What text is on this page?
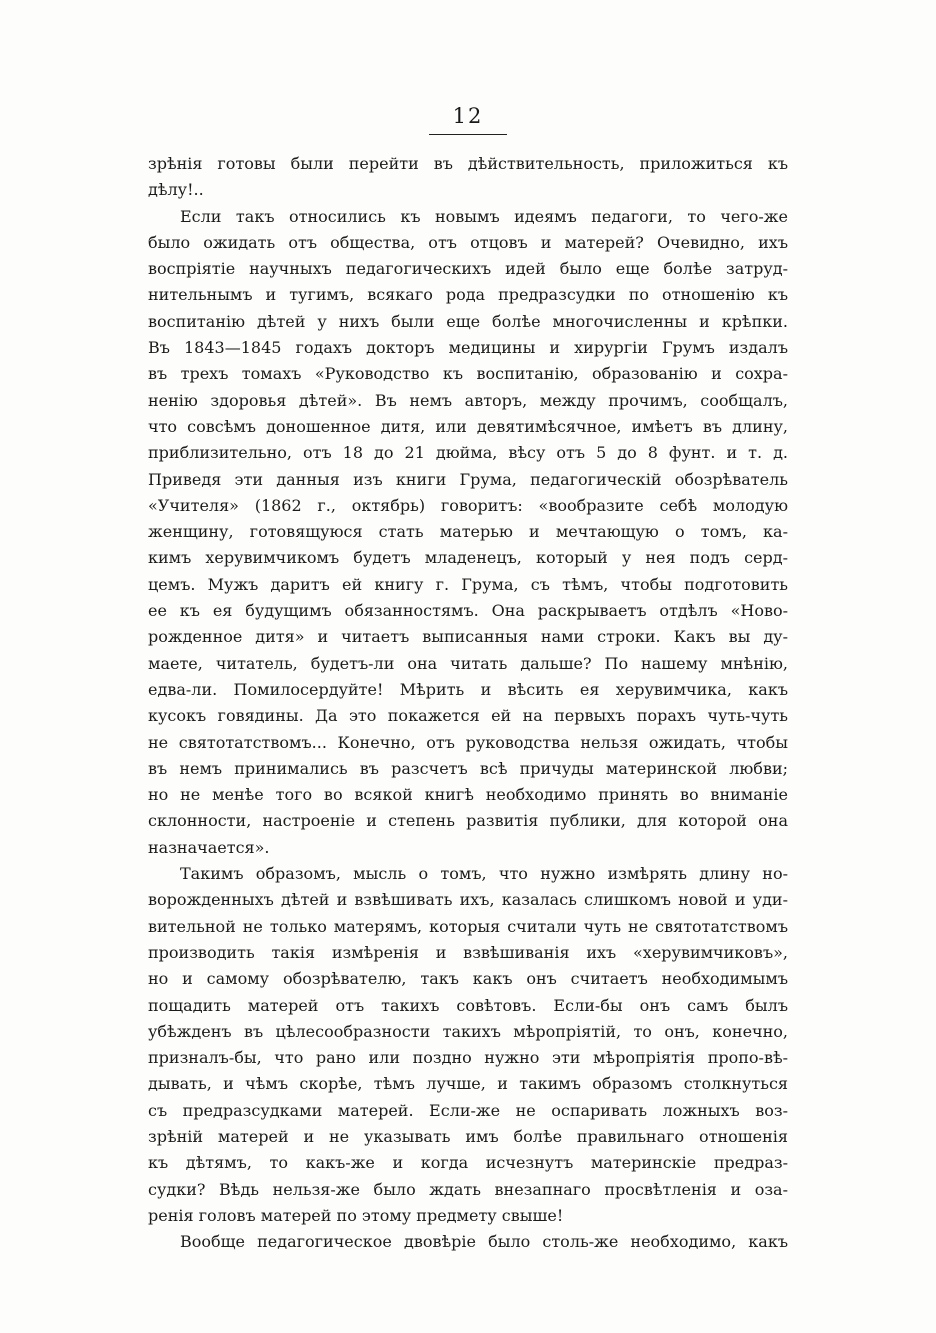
12
зрѣнія готовы были перейти въ дѣйствительность, приложиться къ
дѣлу!..
Если такъ относились къ новымъ идеямъ педагоги, то чего-же
было ожидать отъ общества, отъ отцовъ и матерей? Очевидно, ихъ
воспріятіе научныхъ педагогическихъ идей было еще болѣе затруд-
нительнымъ и тугимъ, всякаго рода предразсудки по отношенію къ
воспитанію дѣтей у нихъ были еще болѣе многочисленны и крѣпки.
Въ 1843—1845 годахъ докторъ медицины и хирургіи Грумъ издалъ
въ трехъ томахъ «Руководство къ воспитанію, образованію и сохра-
ненію здоровья дѣтей». Въ немъ авторъ, между прочимъ, сообщалъ,
что совсѣмъ доношенное дитя, или девятимѣсячное, имѣетъ въ длину,
приблизительно, отъ 18 до 21 дюйма, вѣсу отъ 5 до 8 фунт. и т. д.
Приведя эти данныя изъ книги Грума, педагогическій обозрѣватель
«Учителя» (1862 г., октябрь) говоритъ: «вообразите себѣ молодую
женщину, готовящуюся стать матерью и мечтающую о томъ, ка-
кимъ херувимчикомъ будетъ младенецъ, который у нея подъ серд-
цемъ. Мужъ даритъ ей книгу г. Грума, съ тѣмъ, чтобы подготовить
ее къ ея будущимъ обязанностямъ. Она раскрываетъ отдѣлъ «Ново-
рожденное дитя» и читаетъ выписанныя нами строки. Какъ вы ду-
маете, читатель, будетъ-ли она читать дальше? По нашему мнѣнію,
едва-ли. Помилосердуйте! Мѣрить и вѣсить ея херувимчика, какъ
кусокъ говядины. Да это покажется ей на первыхъ порахъ чуть-чуть
не святотатствомъ... Конечно, отъ руководства нельзя ожидать, чтобы
въ немъ принимались въ разсчетъ всѣ причуды материнской любви;
но не менѣе того во всякой книгѣ необходимо принять во вниманіе
склонности, настроеніе и степень развитія публики, для которой она
назначается».
Такимъ образомъ, мысль о томъ, что нужно измѣрять длину но-
ворожденныхъ дѣтей и взвѣшивать ихъ, казалась слишкомъ новой и уди-
вительной не только матерямъ, которыя считали чуть не святотатствомъ
производить такія измѣренія и взвѣшиванія ихъ «херувимчиковъ»,
но и самому обозрѣвателю, такъ какъ онъ считаетъ необходимымъ
пощадить матерей отъ такихъ совѣтовъ. Если-бы онъ самъ былъ
убѣжденъ въ цѣлесообразности такихъ мѣропріятій, то онъ, конечно,
призналъ-бы, что рано или поздно нужно эти мѣропріятія пропо-вѣ-
дывать, и чѣмъ скорѣе, тѣмъ лучше, и такимъ образомъ столкнуться
съ предразсудками матерей. Если-же не оспаривать ложныхъ воз-
зрѣній матерей и не указывать имъ болѣе правильнаго отношенія
къ дѣтямъ, то какъ-же и когда исчезнутъ материнскіе предраз-
судки? Вѣдь нельзя-же было ждать внезапнаго просвѣтленія и оза-
ренія головъ матерей по этому предмету свыше!
Вообще педагогическое двовѣріе было столь-же необходимо, какъ
